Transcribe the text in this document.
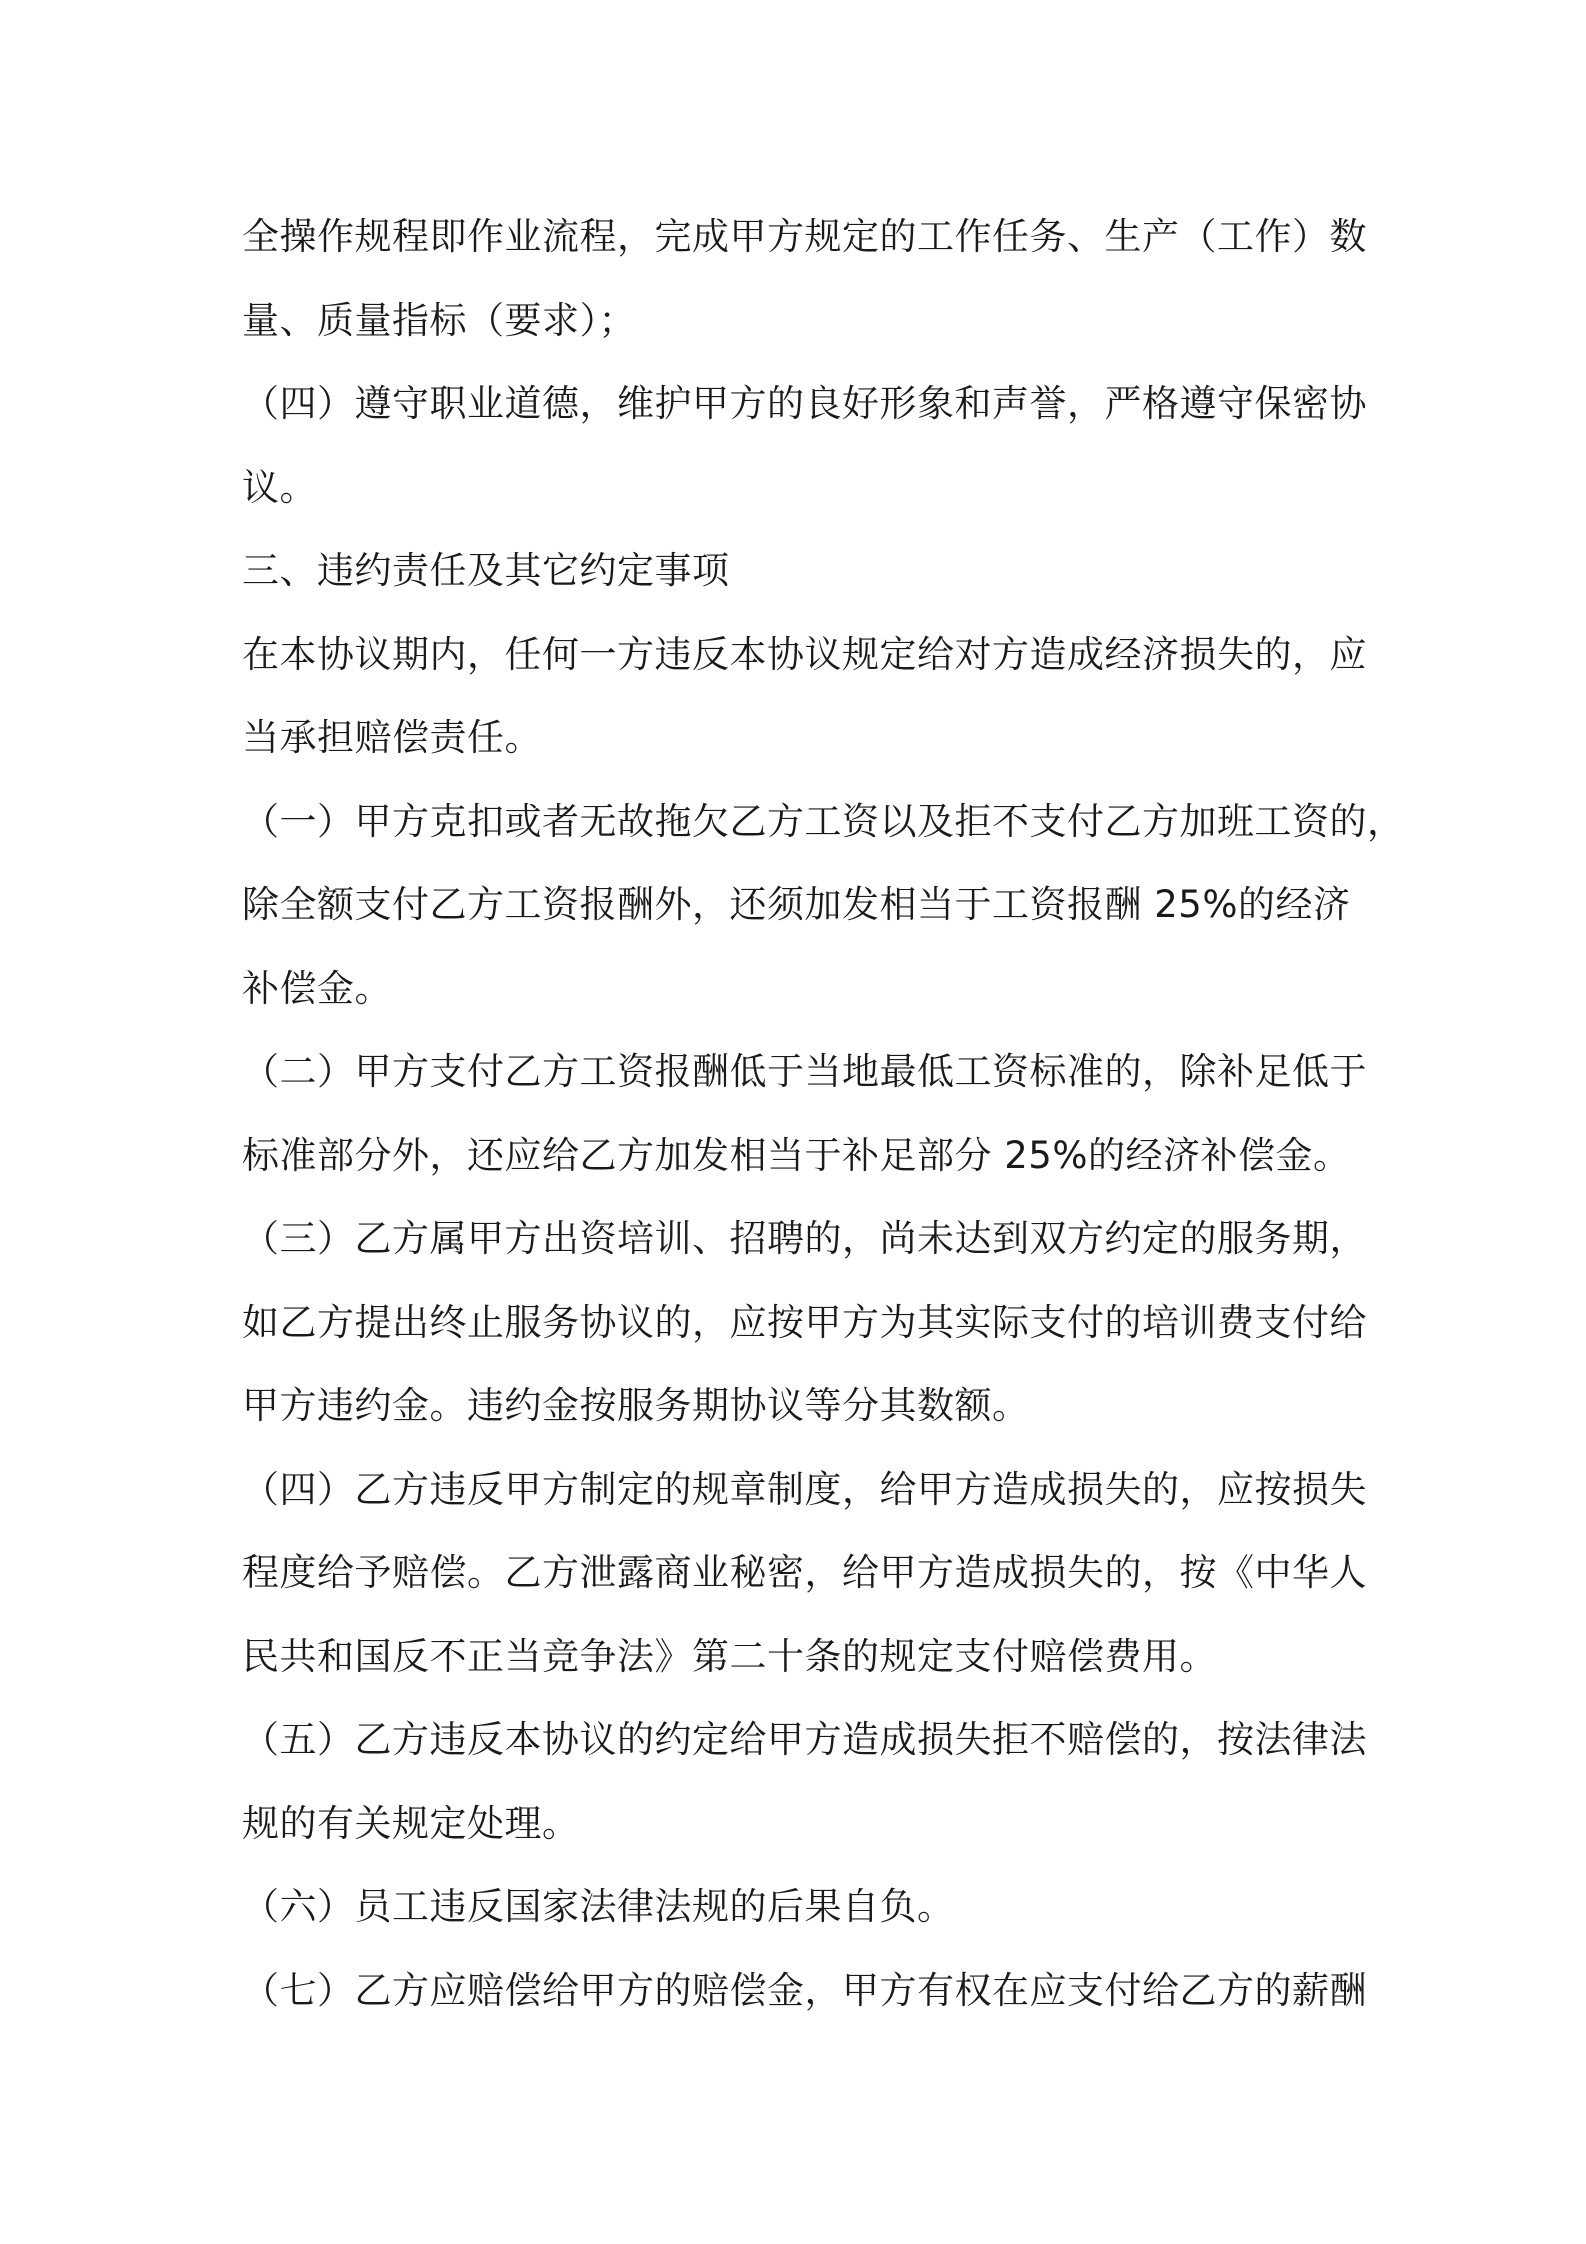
全操作规程即作业流程，完成甲方规定的工作任务、生产（工作）数
量、质量指标（要求）；
（四）遵守职业道德，维护甲方的良好形象和声誉，严格遵守保密协
议。
三、违约责任及其它约定事项
在本协议期内，任何一方违反本协议规定给对方造成经济损失的，应
当承担赔偿责任。
（一）甲方克扣或者无故拖欠乙方工资以及拒不支付乙方加班工资的，
除全额支付乙方工资报酬外，还须加发相当于工资报酬 25%的经济
补偿金。
（二）甲方支付乙方工资报酬低于当地最低工资标准的，除补足低于
标准部分外，还应给乙方加发相当于补足部分 25%的经济补偿金。
（三）乙方属甲方出资培训、招聘的，尚未达到双方约定的服务期，
如乙方提出终止服务协议的，应按甲方为其实际支付的培训费支付给
甲方违约金。违约金按服务期协议等分其数额。
（四）乙方违反甲方制定的规章制度，给甲方造成损失的，应按损失
程度给予赔偿。乙方泄露商业秘密，给甲方造成损失的，按《中华人
民共和国反不正当竞争法》第二十条的规定支付赔偿费用。
（五）乙方违反本协议的约定给甲方造成损失拒不赔偿的，按法律法
规的有关规定处理。
（六）员工违反国家法律法规的后果自负。
（七）乙方应赔偿给甲方的赔偿金，甲方有权在应支付给乙方的薪酬
